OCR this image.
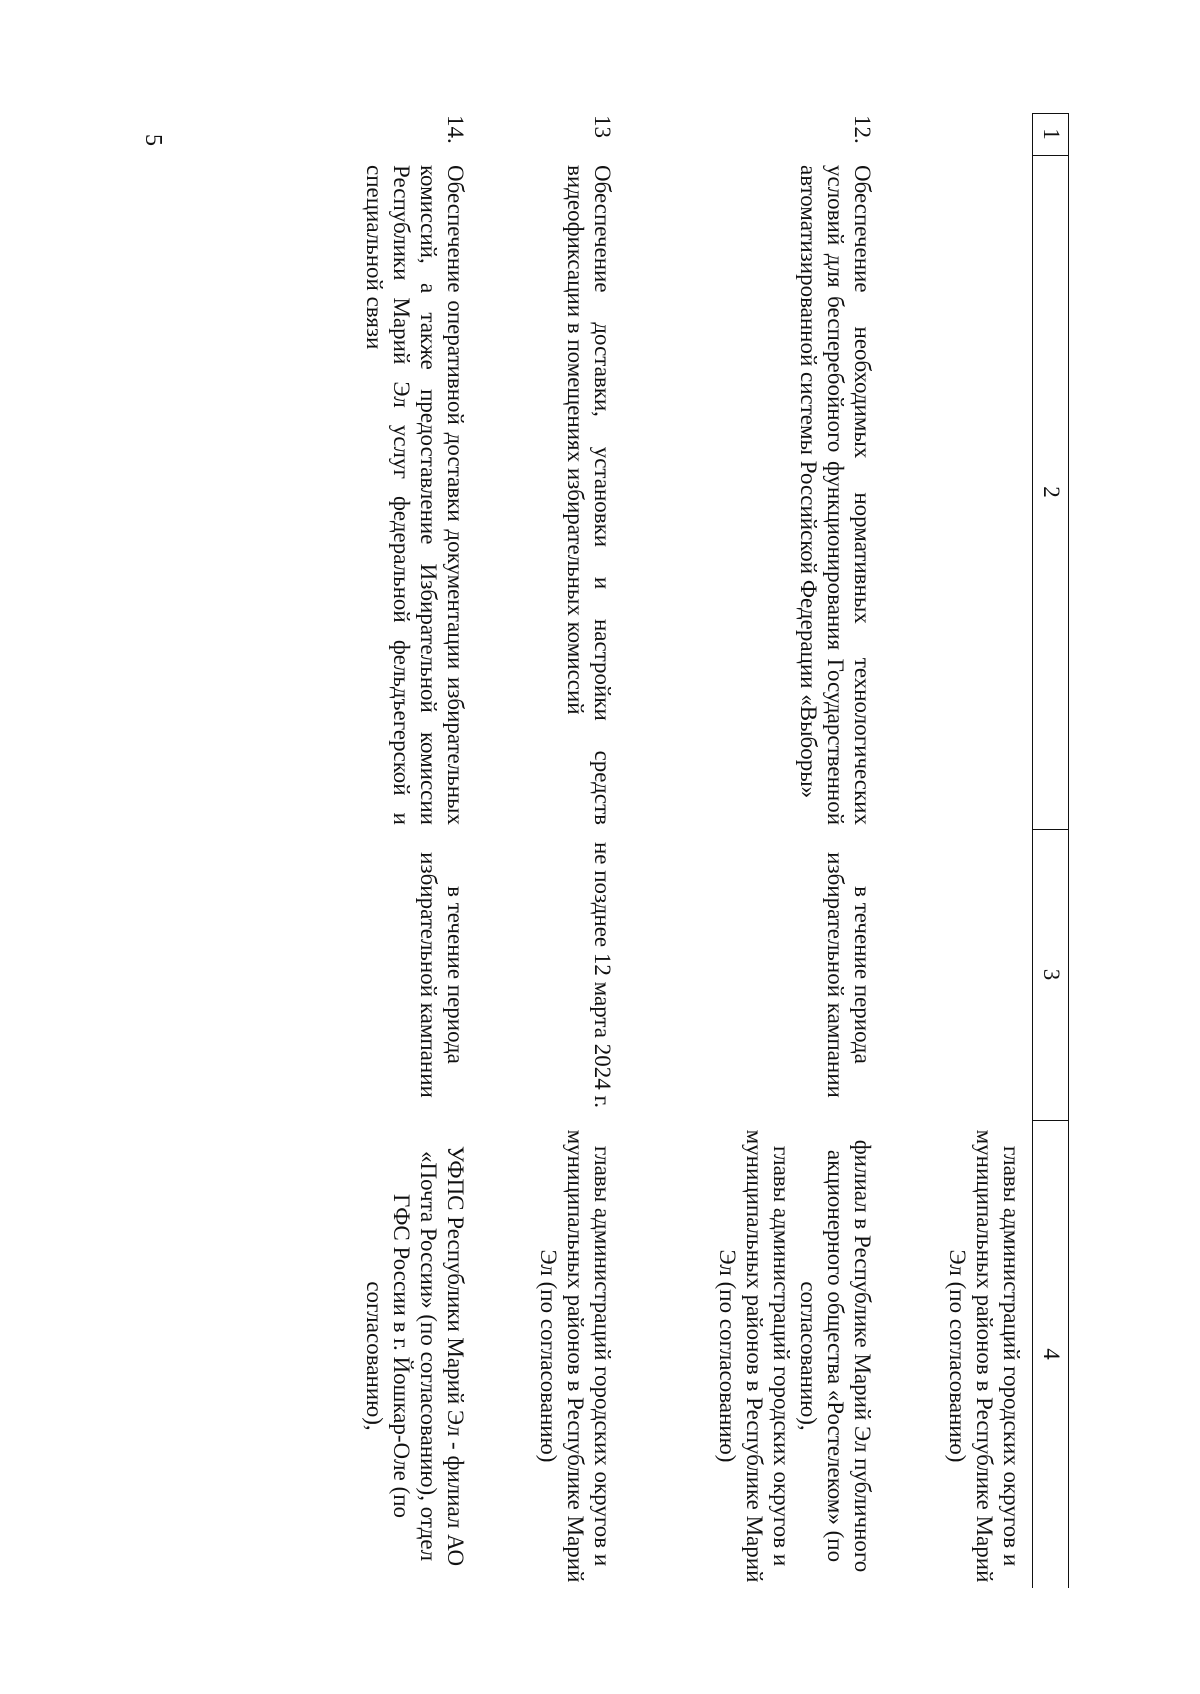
5	1
2
3
4
главы администраций городских округов и муниципальных районов в Республике Марий Эл (по согласованию)
12.
Обеспечение необходимых нормативных технологических условий для бесперебойного функционирования Государственной автоматизированной системы Российской Федерации «Выборы»
в течение периода избирательной кампании

филиал в Республике Марий Эл публичного акционерного общества «Ростелеком» (по согласованию),

главы администраций городских округов и муниципальных районов в Республике Марий Эл (по согласованию)

13
Обеспечение доставки, установки и настройки средств видеофиксации в помещениях избирательных комиссий
не позднее 12 марта 2024 г.
главы администраций городских округов и муниципальных районов в Республике Марий Эл (по согласованию)
14.
Обеспечение оперативной доставки документации избирательных комиссий, а также предоставление Избирательной комиссии Республики Марий Эл услуг федеральной фельдъегерской и специальной связи
в течение периода избирательной кампании
УФПС Республики Марий Эл - филиал АО «Почта России» (по согласованию), отдел ГФС России в г. Йошкар-Оле (по согласованию),
